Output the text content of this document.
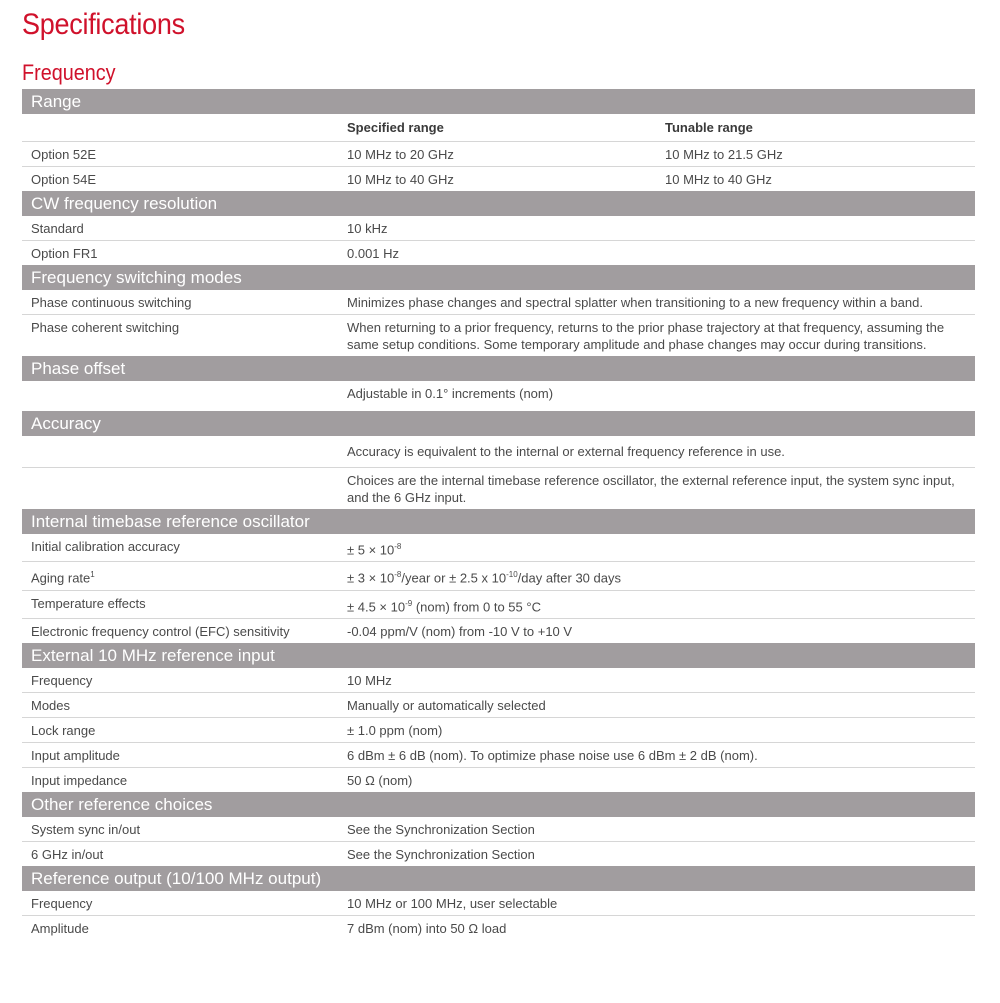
Specifications
Frequency
Range
Specified range	Tunable range
Option 52E	10 MHz to 20 GHz	10 MHz to 21.5 GHz
Option 54E	10 MHz to 40 GHz	10 MHz to 40 GHz
CW frequency resolution
Standard	10 kHz
Option FR1	0.001 Hz
Frequency switching modes
Phase continuous switching	Minimizes phase changes and spectral splatter when transitioning to a new frequency within a band.
Phase coherent switching	When returning to a prior frequency, returns to the prior phase trajectory at that frequency, assuming the same setup conditions. Some temporary amplitude and phase changes may occur during transitions.
Phase offset
Adjustable in 0.1° increments (nom)
Accuracy
Accuracy is equivalent to the internal or external frequency reference in use.
Choices are the internal timebase reference oscillator, the external reference input, the system sync input, and the 6 GHz input.
Internal timebase reference oscillator
Initial calibration accuracy	± $5 \times 10^{-8}$
Aging rate$^1$	± $3 \times 10^{-8}$/year or ± 2.5 x $10^{-10}$/day after 30 days
Temperature effects	± $4.5 \times 10^{-9}$ (nom) from 0 to 55 °C
Electronic frequency control (EFC) sensitivity	-0.04 ppm/V (nom) from -10 V to +10 V
External 10 MHz reference input
Frequency	10 MHz
Modes	Manually or automatically selected
Lock range	± 1.0 ppm (nom)
Input amplitude	6 dBm ± 6 dB (nom). To optimize phase noise use 6 dBm ± 2 dB (nom).
Input impedance	50 Ω (nom)
Other reference choices
System sync in/out	See the Synchronization Section
6 GHz in/out	See the Synchronization Section
Reference output (10/100 MHz output)
Frequency	10 MHz or 100 MHz, user selectable
Amplitude	7 dBm (nom) into 50 Ω load
